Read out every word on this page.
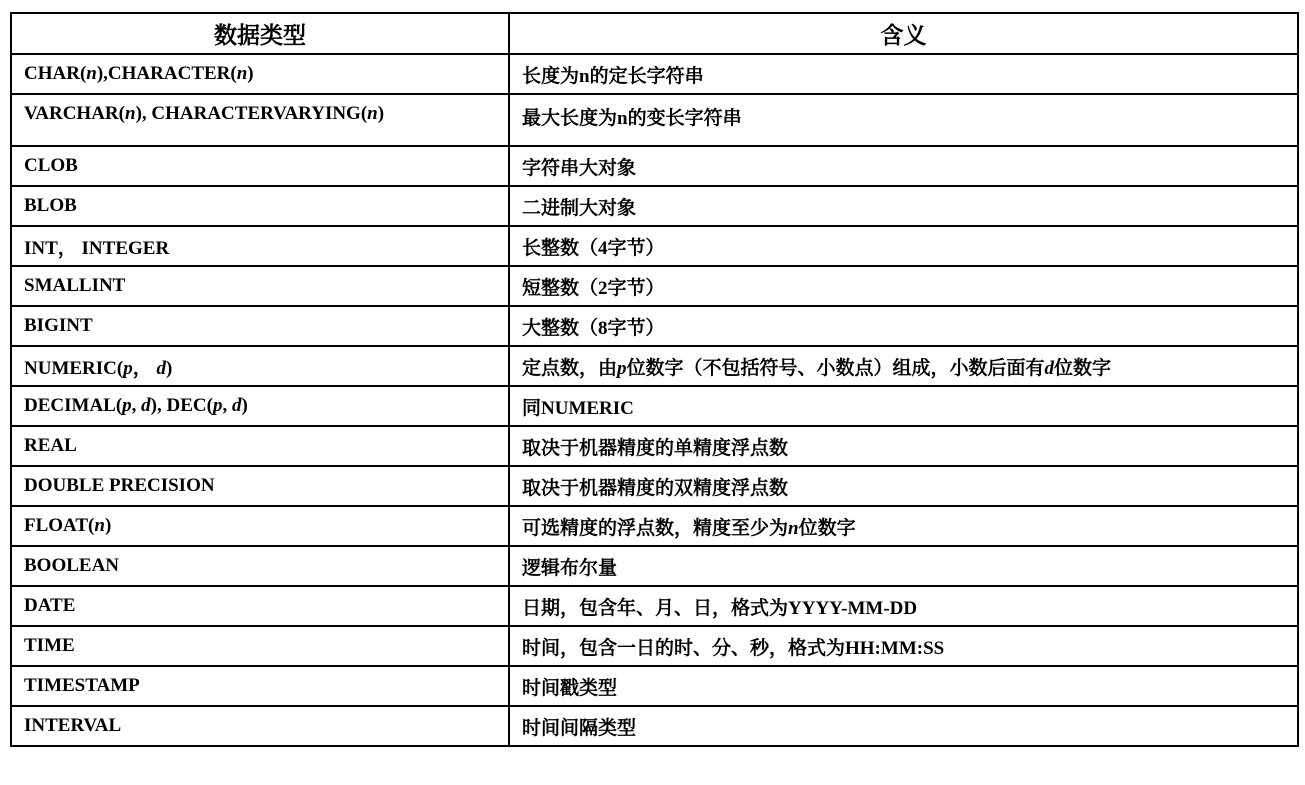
数据类型	含义
CHAR(n),CHARACTER(n)	长度为n的定长字符串
VARCHAR(n), CHARACTERVARYING(n)	最大长度为n的变长字符串
CLOB	字符串大对象
BLOB	二进制大对象
INT， INTEGER	长整数（4字节）
SMALLINT	短整数（2字节）
BIGINT	大整数（8字节）
NUMERIC(p， d)	定点数，由p位数字（不包括符号、小数点）组成，小数后面有d位数字
DECIMAL(p, d), DEC(p, d)	同NUMERIC
REAL	取决于机器精度的单精度浮点数
DOUBLE PRECISION	取决于机器精度的双精度浮点数
FLOAT(n)	可选精度的浮点数，精度至少为n位数字
BOOLEAN	逻辑布尔量
DATE	日期，包含年、月、日，格式为YYYY-MM-DD
TIME	时间，包含一日的时、分、秒，格式为HH:MM:SS
TIMESTAMP	时间戳类型
INTERVAL	时间间隔类型
